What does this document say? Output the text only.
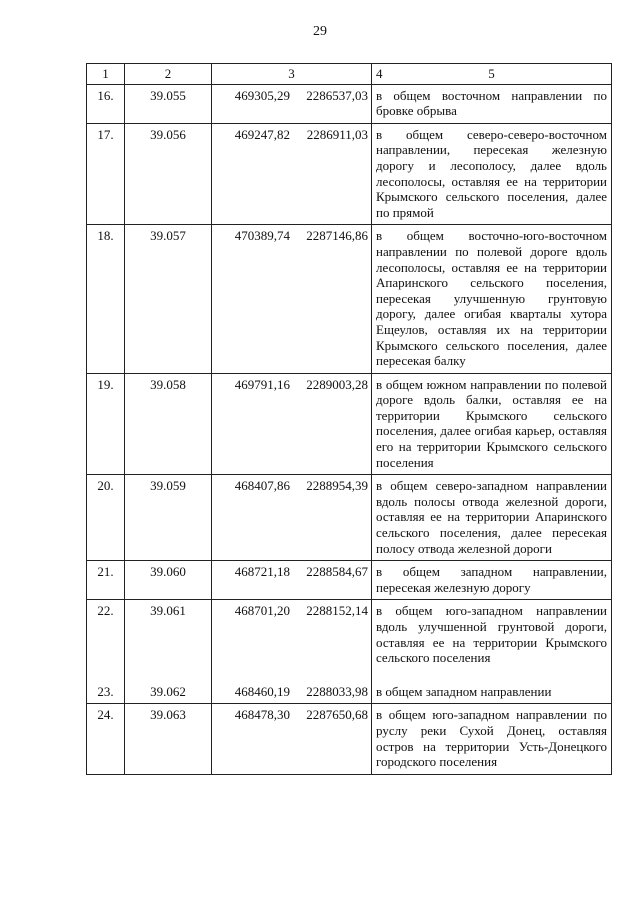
29
1	2	3	4	5
16.	39.055	469305,29 2286537,03	в общем восточном направлении по бровке обрыва
17.	39.056	469247,82 2286911,03	в общем северо-северо-восточном направлении, пересекая железную дорогу и лесополосу, далее вдоль лесополосы, оставляя ее на территории Крымского сельского поселения, далее по прямой
18.	39.057	470389,74 2287146,86	в общем восточно-юго-восточном направлении по полевой дороге вдоль лесополосы, оставляя ее на территории Апаринского сельского поселения, пересекая улучшенную грунтовую дорогу, далее огибая кварталы хутора Ещеулов, оставляя их на территории Крымского сельского поселения, далее пересекая балку
19.	39.058	469791,16 2289003,28	в общем южном направлении по полевой дороге вдоль балки, оставляя ее на территории Крымского сельского поселения, далее огибая карьер, оставляя его на территории Крымского сельского поселения
20.	39.059	468407,86 2288954,39	в общем северо-западном направлении вдоль полосы отвода железной дороги, оставляя ее на территории Апаринского сельского поселения, далее пересекая полосу отвода железной дороги
21.	39.060	468721,18 2288584,67	в общем западном направлении, пересекая железную дорогу
22.	39.061	468701,20 2288152,14	в общем юго-западном направлении вдоль улучшенной грунтовой дороги, оставляя ее на территории Крымского сельского поселения
23.	39.062	468460,19 2288033,98	в общем западном направлении
24.	39.063	468478,30 2287650,68	в общем юго-западном направлении по руслу реки Сухой Донец, оставляя остров на территории Усть-Донецкого городского поселения
